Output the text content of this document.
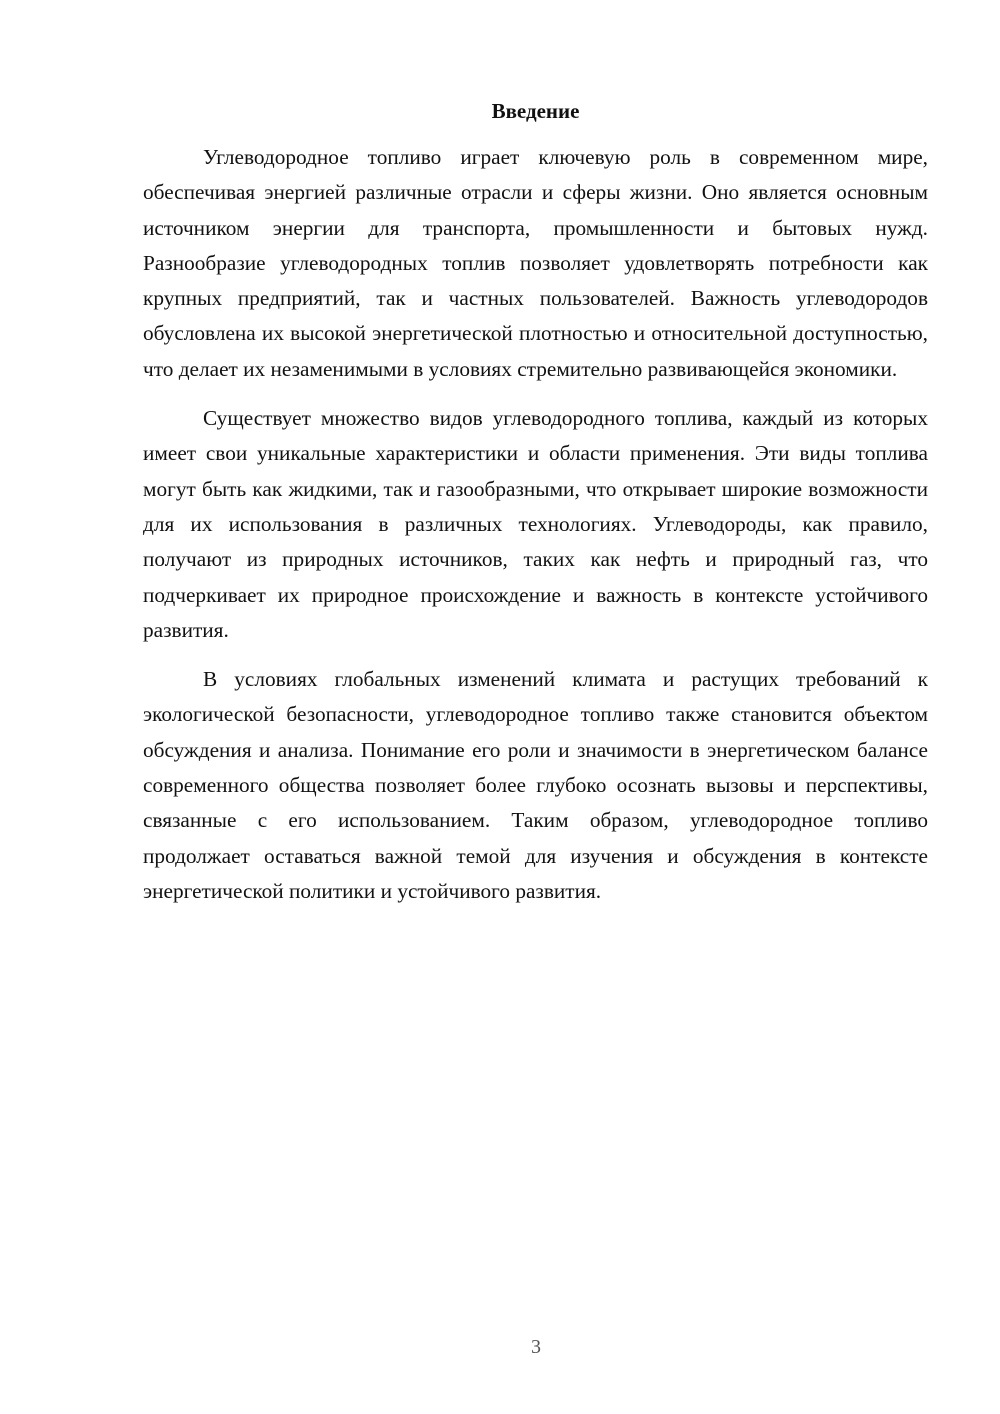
Введение

Углеводородное топливо играет ключевую роль в современном мире, обеспечивая энергией различные отрасли и сферы жизни. Оно является основным источником энергии для транспорта, промышленности и бытовых нужд. Разнообразие углеводородных топлив позволяет удовлетворять потребности как крупных предприятий, так и частных пользователей. Важность углеводородов обусловлена их высокой энергетической плотностью и относительной доступностью, что делает их незаменимыми в условиях стремительно развивающейся экономики.

Существует множество видов углеводородного топлива, каждый из которых имеет свои уникальные характеристики и области применения. Эти виды топлива могут быть как жидкими, так и газообразными, что открывает широкие возможности для их использования в различных технологиях. Углеводороды, как правило, получают из природных источников, таких как нефть и природный газ, что подчеркивает их природное происхождение и важность в контексте устойчивого развития.

В условиях глобальных изменений климата и растущих требований к экологической безопасности, углеводородное топливо также становится объектом обсуждения и анализа. Понимание его роли и значимости в энергетическом балансе современного общества позволяет более глубоко осознать вызовы и перспективы, связанные с его использованием. Таким образом, углеводородное топливо продолжает оставаться важной темой для изучения и обсуждения в контексте энергетической политики и устойчивого развития.

3
